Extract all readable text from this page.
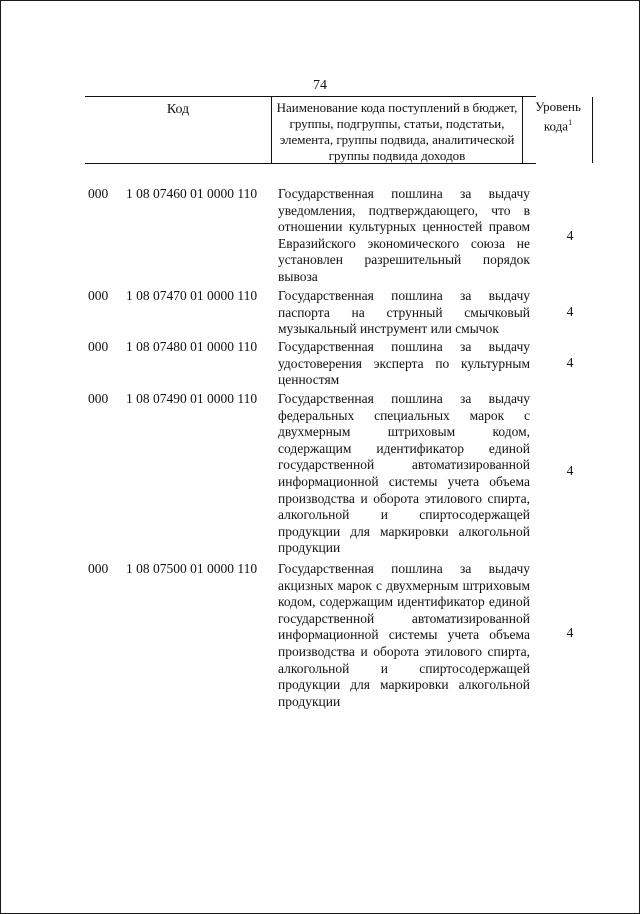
74
Код	Наименование кода поступлений в бюджет, группы, подгруппы, статьи, подстатьи, элемента, группы подвида, аналитической группы подвида доходов
Уровень кода$^1$
000 1 08 07460 01 0000 110 Государственная пошлина за выдачу уведомления, подтверждающего, что в отношении культурных ценностей правом Евразийского экономического союза не установлен разрешительный порядок вывоза
4
000 1 08 07470 01 0000 110 Государственная пошлина за выдачу паспорта на струнный смычковый музыкальный инструмент или смычок
4
000 1 08 07480 01 0000 110 Государственная пошлина за выдачу удостоверения эксперта по культурным ценностям
4
000 1 08 07490 01 0000 110 Государственная пошлина за выдачу федеральных специальных марок с двухмерным штриховым кодом, содержащим идентификатор единой государственной автоматизированной информационной системы учета объема производства и оборота этилового спирта, алкогольной и спиртосодержащей продукции для маркировки алкогольной продукции
4
000 1 08 07500 01 0000 110 Государственная пошлина за выдачу акцизных марок с двухмерным штриховым кодом, содержащим идентификатор единой государственной автоматизированной информационной системы учета объема производства и оборота этилового спирта, алкогольной и спиртосодержащей продукции для маркировки алкогольной продукции
4
